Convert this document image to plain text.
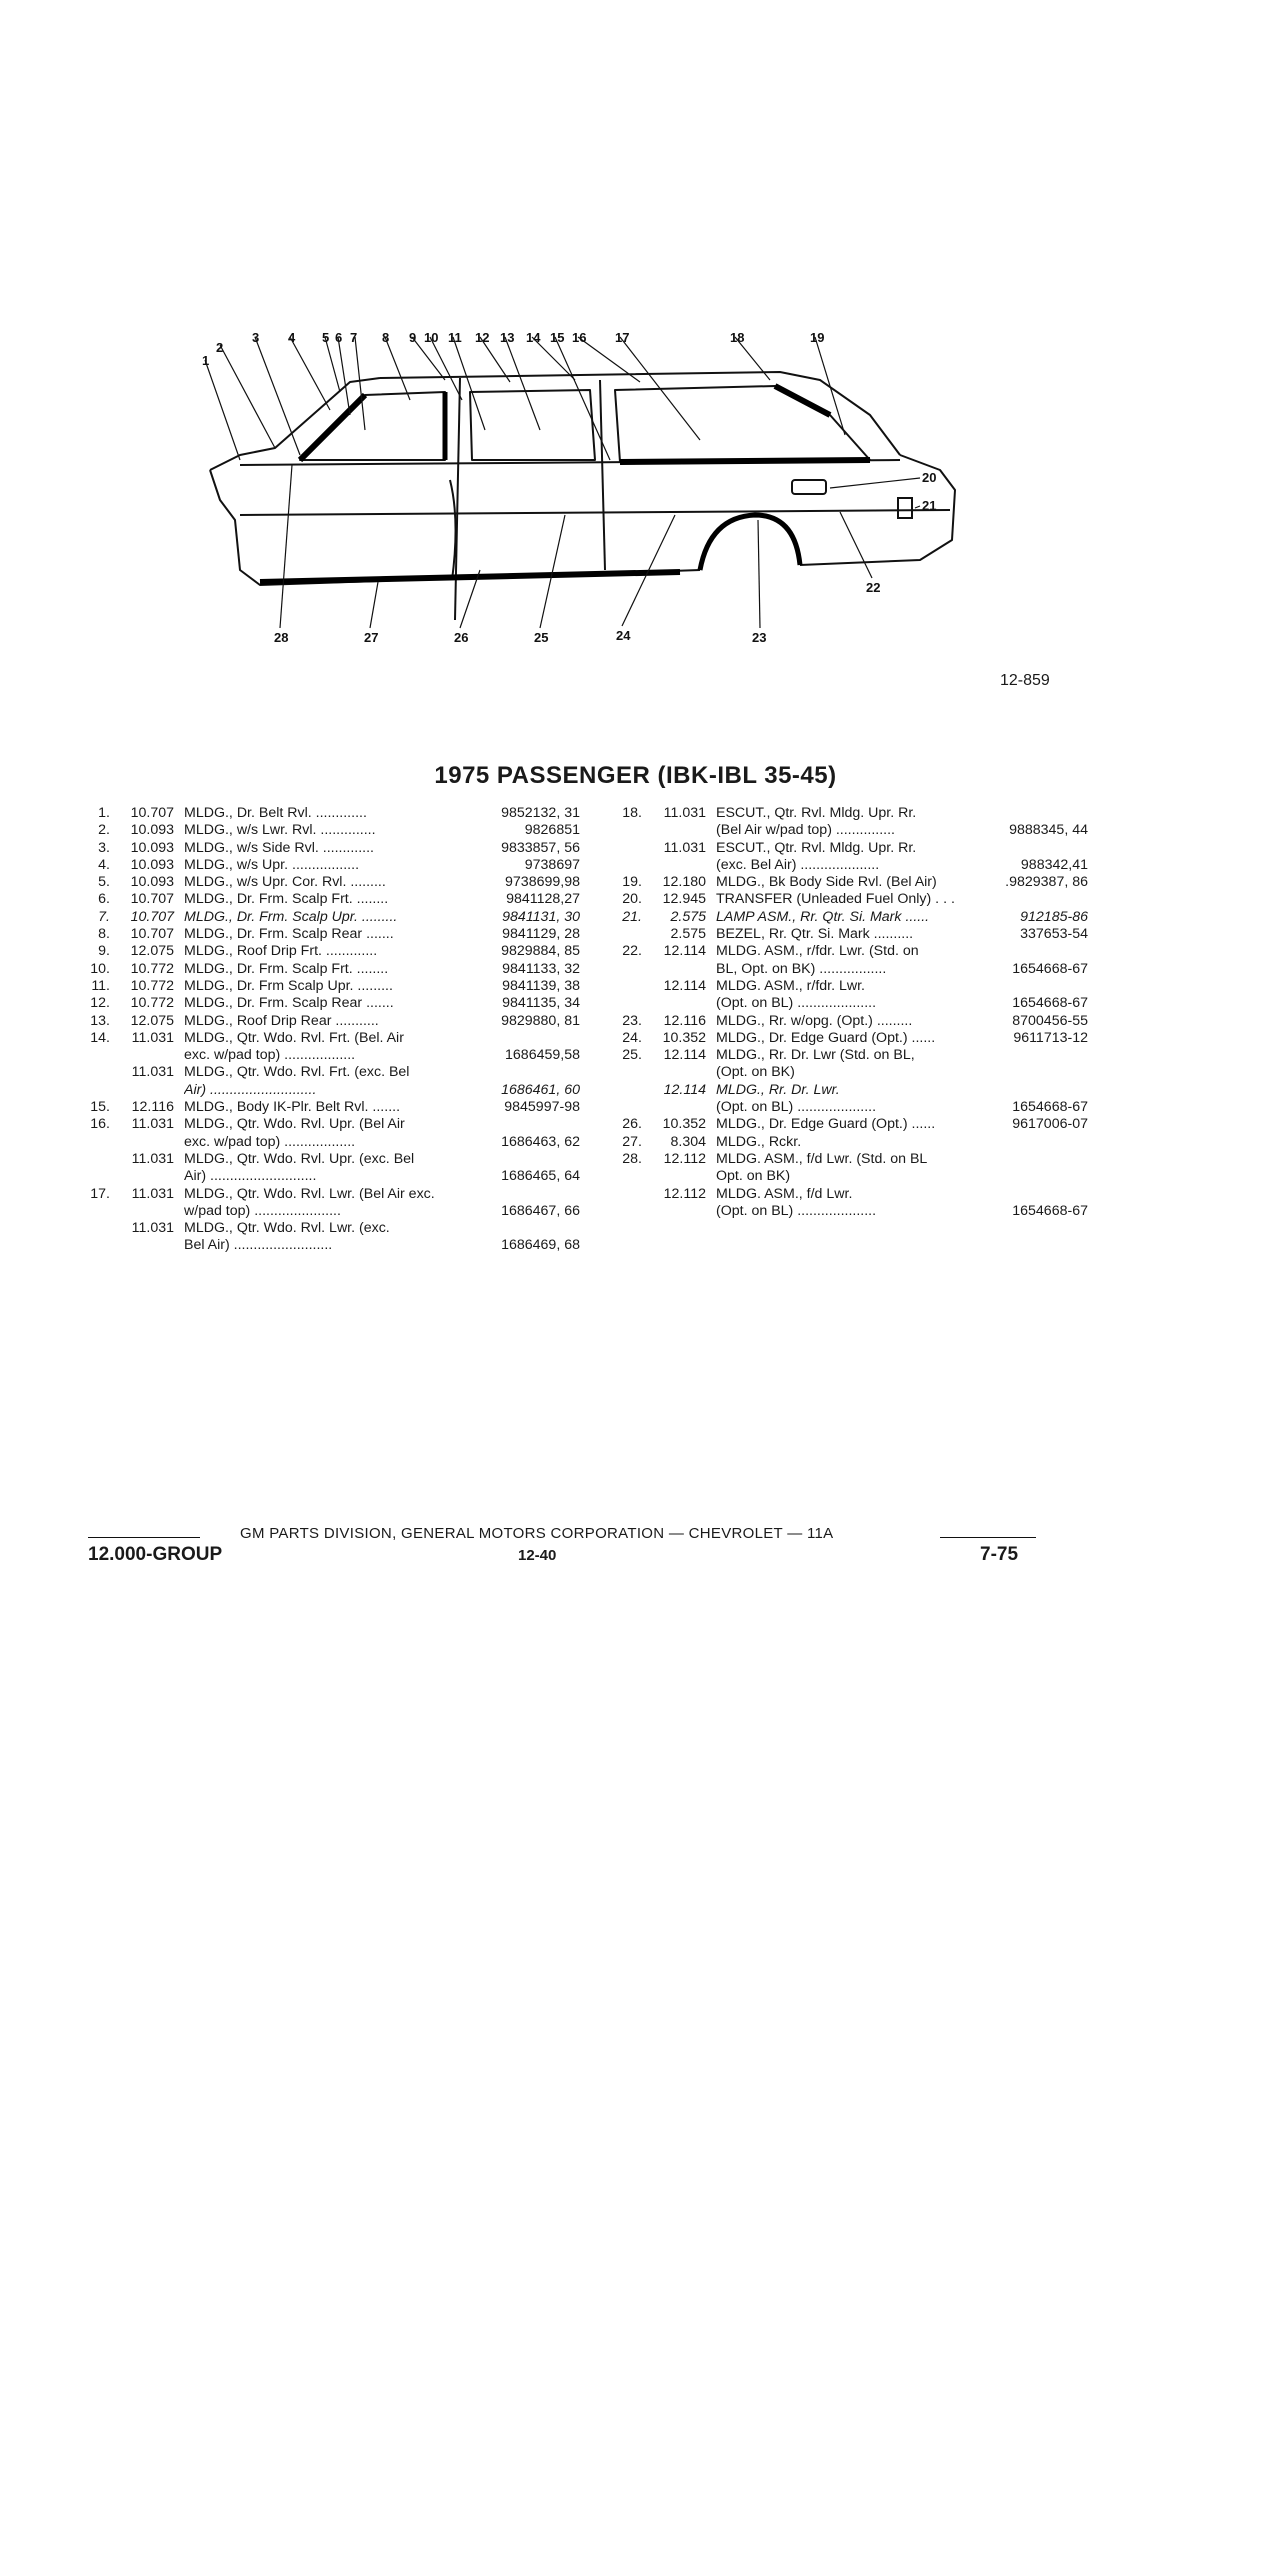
1
2
3 4 5 6 7 8 9 10 11 12 13 14 15 16 17	18	19
20
21
22
23
24
25
26
27
28
12-859
1975 PASSENGER (IBK-IBL 35-45)
1.	10.707 MLDG., Dr. Belt Rvl. .............	9852132, 31
2.	10.093 MLDG., w/s Lwr. Rvl. ..............	9826851
3.	10.093 MLDG., w/s Side Rvl. .............	9833857, 56
4.	10.093 MLDG., w/s Upr. .................	9738697
5.	10.093 MLDG., w/s Upr. Cor. Rvl. .........	9738699,98
6.	10.707 MLDG., Dr. Frm. Scalp Frt. ........	9841128,27
7.	10.707 MLDG., Dr. Frm. Scalp Upr. .........	9841131, 30
8.	10.707 MLDG., Dr. Frm. Scalp Rear .......	9841129, 28
9.	12.075 MLDG., Roof Drip Frt. .............	9829884, 85
10.	10.772 MLDG., Dr. Frm. Scalp Frt. ........	9841133, 32
11.	10.772 MLDG., Dr. Frm Scalp Upr. .........	9841139, 38
12.	10.772 MLDG., Dr. Frm. Scalp Rear .......	9841135, 34
13.	12.075 MLDG., Roof Drip Rear ...........	9829880, 81
14.	11.031 MLDG., Qtr. Wdo. Rvl. Frt. (Bel. Air
exc. w/pad top) ..................	1686459,58
11.031 MLDG., Qtr. Wdo. Rvl. Frt. (exc. Bel
Air) ...........................	1686461, 60
15.	12.116 MLDG., Body IK-Plr. Belt Rvl. .......	9845997-98
16.	11.031 MLDG., Qtr. Wdo. Rvl. Upr. (Bel Air
exc. w/pad top) ..................	1686463, 62
11.031 MLDG., Qtr. Wdo. Rvl. Upr. (exc. Bel
Air) ...........................	1686465, 64
17.	11.031 MLDG., Qtr. Wdo. Rvl. Lwr. (Bel Air exc.
w/pad top) ......................	1686467, 66
11.031 MLDG., Qtr. Wdo. Rvl. Lwr. (exc.
Bel Air) .........................	1686469, 68
18.	11.031 ESCUT., Qtr. Rvl. Mldg. Upr. Rr.
(Bel Air w/pad top) ...............	9888345, 44
11.031 ESCUT., Qtr. Rvl. Mldg. Upr. Rr.
(exc. Bel Air) ....................	988342,41
19.	12.180 MLDG., Bk Body Side Rvl. (Bel Air)	.9829387, 86
20.	12.945 TRANSFER (Unleaded Fuel Only) . . .
21.	2.575 LAMP ASM., Rr. Qtr. Si. Mark ......	912185-86
2.575 BEZEL, Rr. Qtr. Si. Mark ..........	337653-54
22.	12.114 MLDG. ASM., r/fdr. Lwr. (Std. on
BL, Opt. on BK) .................	1654668-67
12.114 MLDG. ASM., r/fdr. Lwr.
(Opt. on BL) ....................	1654668-67
23.	12.116 MLDG., Rr. w/opg. (Opt.) .........	8700456-55
24.	10.352 MLDG., Dr. Edge Guard (Opt.) ......	9611713-12
25.	12.114 MLDG., Rr. Dr. Lwr (Std. on BL,
(Opt. on BK)
12.114 MLDG., Rr. Dr. Lwr.
(Opt. on BL) ....................	1654668-67
26.	10.352 MLDG., Dr. Edge Guard (Opt.) ......	9617006-07
27.	8.304 MLDG., Rckr.
28.	12.112 MLDG. ASM., f/d Lwr. (Std. on BL
Opt. on BK)
12.112 MLDG. ASM., f/d Lwr.
(Opt. on BL) ....................	1654668-67
GM PARTS DIVISION, GENERAL MOTORS CORPORATION — CHEVROLET — 11A
12.000-GROUP	12-40	7-75
